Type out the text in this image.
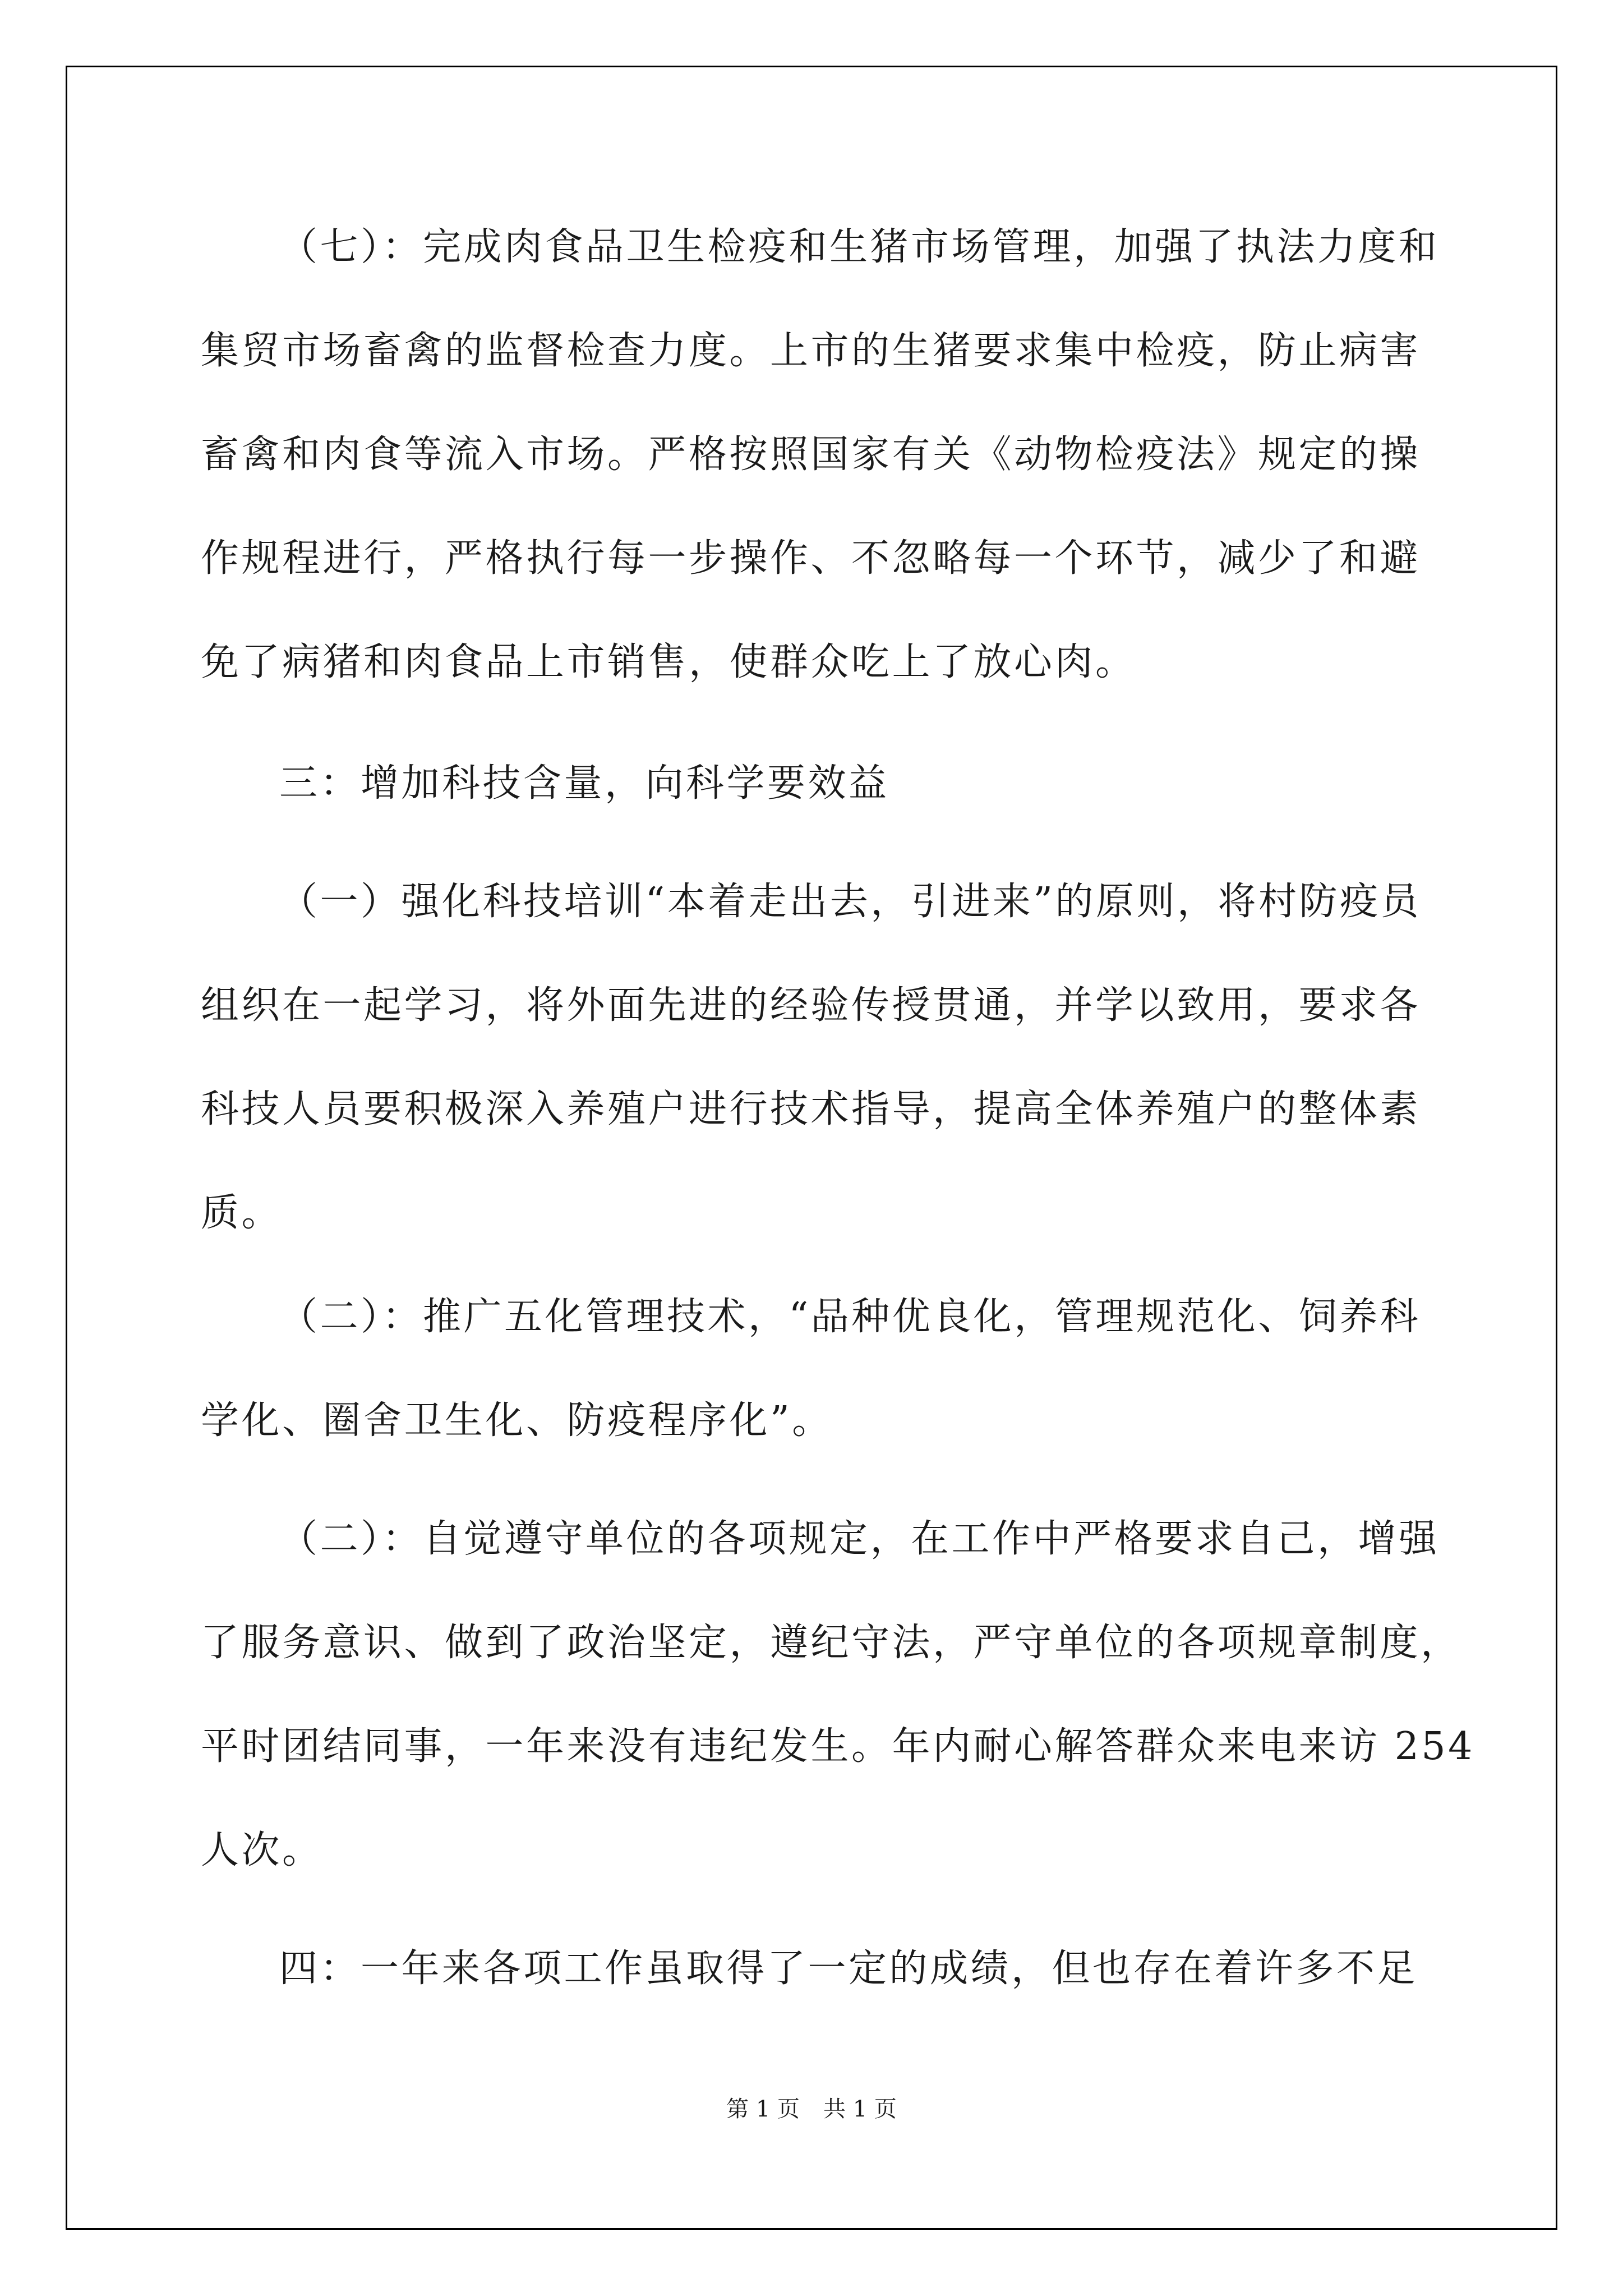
（七）：完成肉食品卫生检疫和生猪市场管理，加强了执法力度和
集贸市场畜禽的监督检查力度。上市的生猪要求集中检疫，防止病害
畜禽和肉食等流入市场。严格按照国家有关《动物检疫法》规定的操
作规程进行，严格执行每一步操作、不忽略每一个环节，减少了和避
免了病猪和肉食品上市销售，使群众吃上了放心肉。
三：增加科技含量，向科学要效益
（一）强化科技培训“本着走出去，引进来”的原则，将村防疫员
组织在一起学习，将外面先进的经验传授贯通，并学以致用，要求各
科技人员要积极深入养殖户进行技术指导，提高全体养殖户的整体素
质。
（二）：推广五化管理技术，“品种优良化，管理规范化、饲养科
学化、圈舍卫生化、防疫程序化”。
（二）：自觉遵守单位的各项规定，在工作中严格要求自己，增强
了服务意识、做到了政治坚定，遵纪守法，严守单位的各项规章制度，
平时团结同事，一年来没有违纪发生。年内耐心解答群众来电来访 254
人次。
四：一年来各项工作虽取得了一定的成绩，但也存在着许多不足
第 1 页 共 1 页
